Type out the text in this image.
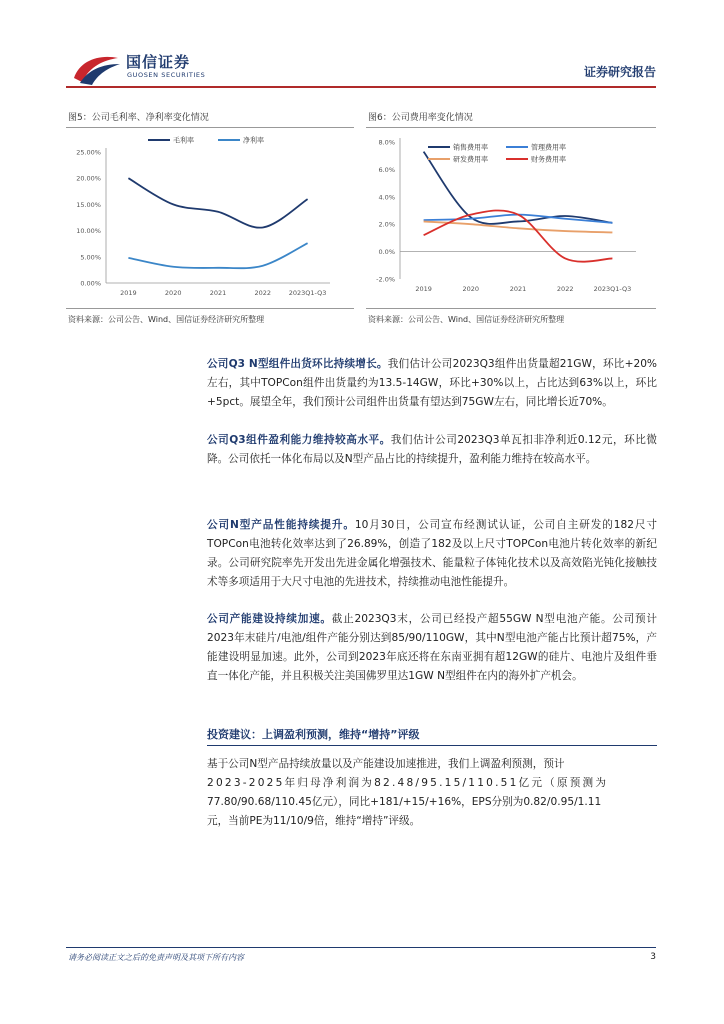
国信证券
GUOSEN SECURITIES	证券研究报告
图5：公司毛利率、净利率变化情况
25.00%
20.00%
15.00%
10.00%
5.00%
0.00%
2019	2020	2021	2022	2023Q1-Q3
毛利率	净利率
资料来源：公司公告、Wind、国信证券经济研究所整理
图6：公司费用率变化情况
8.0%
6.0%
4.0%
2.0%
0.0%
-2.0%
2019	2020	2021	2022	2023Q1-Q3
销售费用率	管理费用率
研发费用率	财务费用率
资料来源：公司公告、Wind、国信证券经济研究所整理
公司Q3 N型组件出货环比持续增长。我们估计公司2023Q3组件出货量超21GW，环比+20%左右，其中TOPCon组件出货量约为13.5-14GW，环比+30%以上，占比达到63%以上，环比+5pct。展望全年，我们预计公司组件出货量有望达到75GW左右，同比增长近70%。
公司Q3组件盈利能力维持较高水平。我们估计公司2023Q3单瓦扣非净利近0.12元，环比微降。公司依托一体化布局以及N型产品占比的持续提升，盈利能力维持在较高水平。
公司N型产品性能持续提升。10月30日，公司宣布经测试认证，公司自主研发的182尺寸TOPCon电池转化效率达到了26.89%，创造了182及以上尺寸TOPCon电池片转化效率的新纪录。公司研究院率先开发出先进金属化增强技术、能量粒子体钝化技术以及高效陷光钝化接触技术等多项适用于大尺寸电池的先进技术，持续推动电池性能提升。
公司产能建设持续加速。截止2023Q3末，公司已经投产超55GW N型电池产能。公司预计2023年末硅片/电池/组件产能分别达到85/90/110GW，其中N型电池产能占比预计超75%，产能建设明显加速。此外，公司到2023年底还将在东南亚拥有超12GW的硅片、电池片及组件垂直一体化产能，并且积极关注美国佛罗里达1GW N型组件在内的海外扩产机会。
投资建议：上调盈利预测，维持“增持”评级
基于公司N型产品持续放量以及产能建设加速推进，我们上调盈利预测，预计
2023-2025年归母净利润为82.48/95.15/110.51亿元（原预测为
77.80/90.68/110.45亿元），同比+181/+15/+16%，EPS分别为0.82/0.95/1.11
元，当前PE为11/10/9倍，维持“增持”评级。
请务必阅读正文之后的免责声明及其项下所有内容	3
